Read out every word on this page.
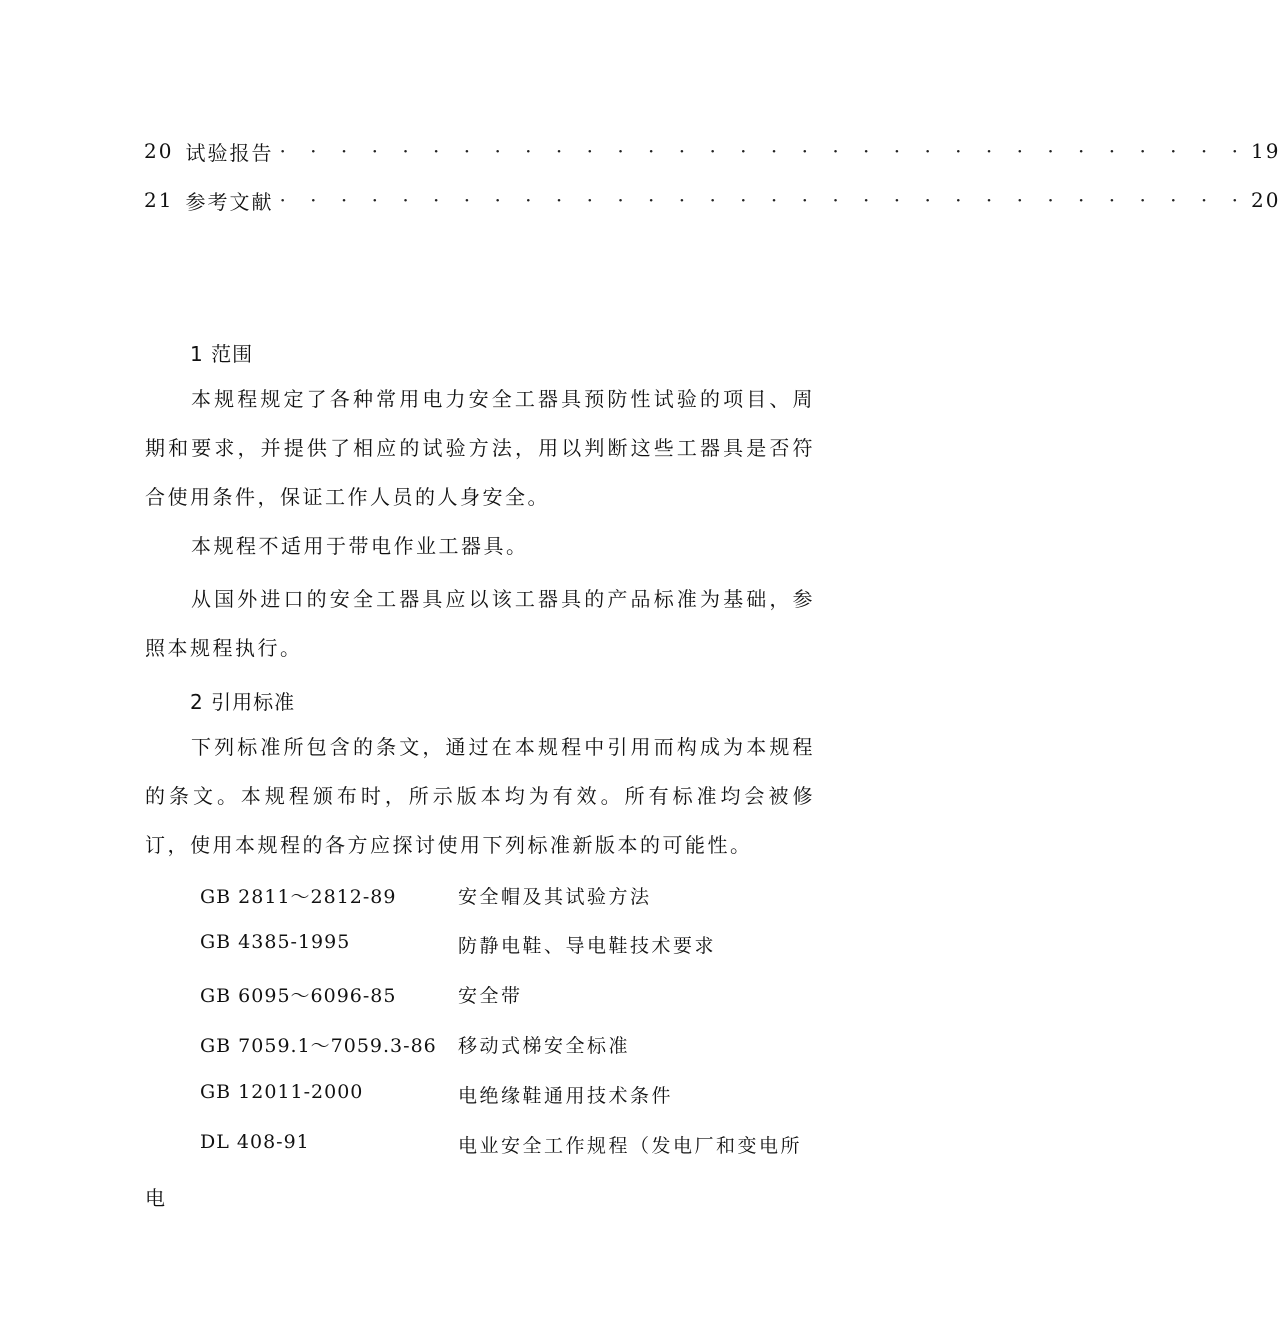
20 试验报告 · · · · · · · · · · · · · · · · · · · · · · · · · · · · · · · · 19
21 参考文献 · · · · · · · · · · · · · · · · · · · · · · · · · · · · · · · · 20
1 范围

本规程规定了各种常用电力安全工器具预防性试验的项目、周期和要求，并提供了相应的试验方法，用以判断这些工器具是否符合使用条件，保证工作人员的人身安全。

本规程不适用于带电作业工器具。

从国外进口的安全工器具应以该工器具的产品标准为基础，参照本规程执行。

2 引用标准

下列标准所包含的条文，通过在本规程中引用而构成为本规程的条文。本规程颁布时，所示版本均为有效。所有标准均会被修订，使用本规程的各方应探讨使用下列标准新版本的可能性。

GB 2811～2812-89	安全帽及其试验方法
GB 4385-1995	防静电鞋、导电鞋技术要求
GB 6095～6096-85	安全带
GB 7059.1～7059.3-86 移动式梯安全标准
GB 12011-2000	电绝缘鞋通用技术条件
DL 408-91	电业安全工作规程（发电厂和变电所
电
